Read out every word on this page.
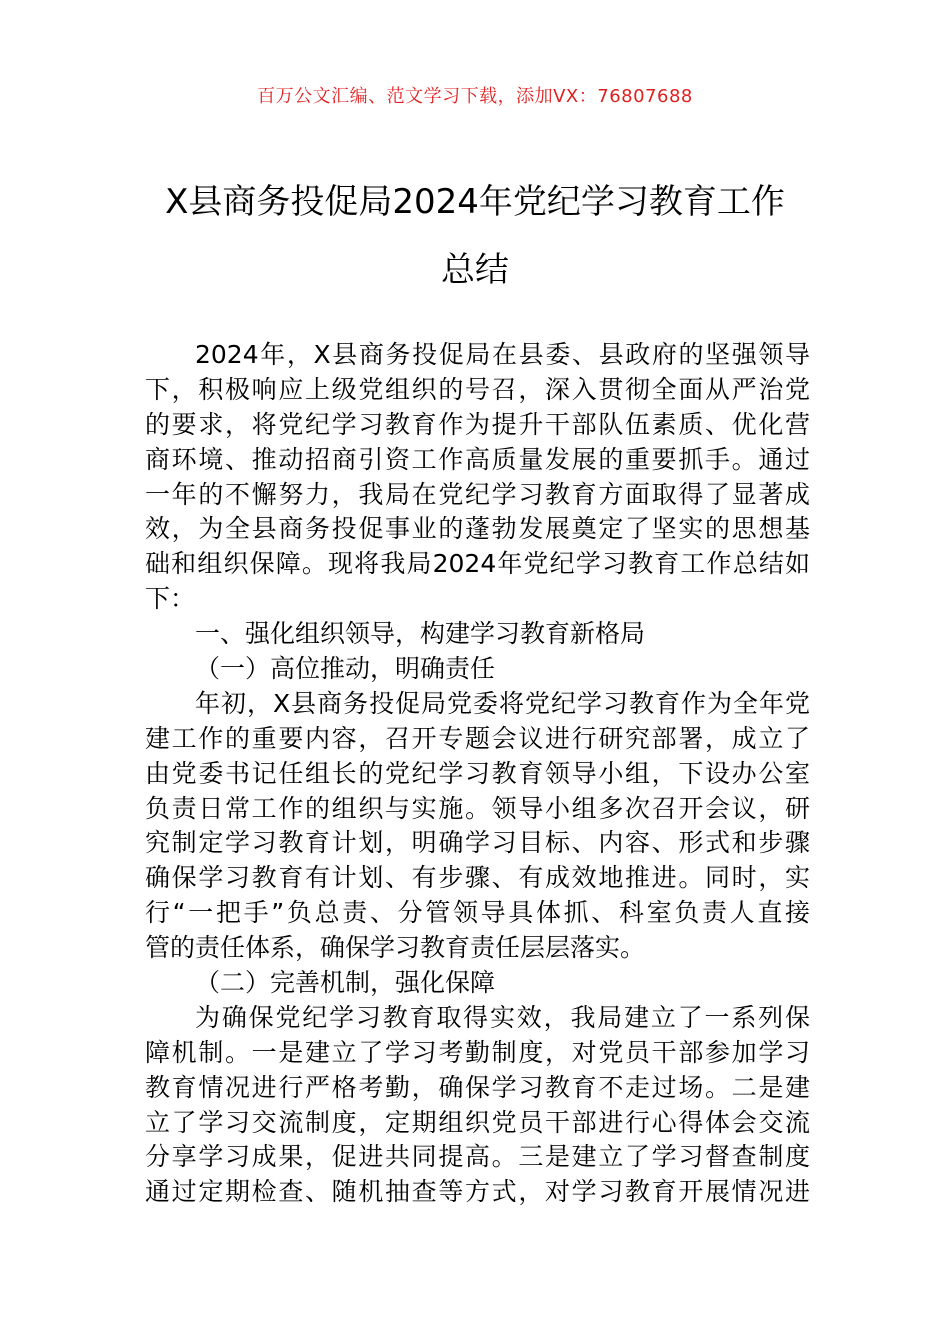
百万公文汇编、范文学习下载，添加VX：76807688
X县商务投促局2024年党纪学习教育工作
总结
2024年，X县商务投促局在县委、县政府的坚强领导
下，积极响应上级党组织的号召，深入贯彻全面从严治党
的要求，将党纪学习教育作为提升干部队伍素质、优化营
商环境、推动招商引资工作高质量发展的重要抓手。通过
一年的不懈努力，我局在党纪学习教育方面取得了显著成
效，为全县商务投促事业的蓬勃发展奠定了坚实的思想基
础和组织保障。现将我局2024年党纪学习教育工作总结如
下：
一、强化组织领导，构建学习教育新格局
（一）高位推动，明确责任
年初，X县商务投促局党委将党纪学习教育作为全年党
建工作的重要内容，召开专题会议进行研究部署，成立了
由党委书记任组长的党纪学习教育领导小组，下设办公室
负责日常工作的组织与实施。领导小组多次召开会议，研
究制定学习教育计划，明确学习目标、内容、形式和步骤
确保学习教育有计划、有步骤、有成效地推进。同时，实
行“一把手”负总责、分管领导具体抓、科室负责人直接
管的责任体系，确保学习教育责任层层落实。
（二）完善机制，强化保障
为确保党纪学习教育取得实效，我局建立了一系列保
障机制。一是建立了学习考勤制度，对党员干部参加学习
教育情况进行严格考勤，确保学习教育不走过场。二是建
立了学习交流制度，定期组织党员干部进行心得体会交流
分享学习成果，促进共同提高。三是建立了学习督查制度
通过定期检查、随机抽查等方式，对学习教育开展情况进
